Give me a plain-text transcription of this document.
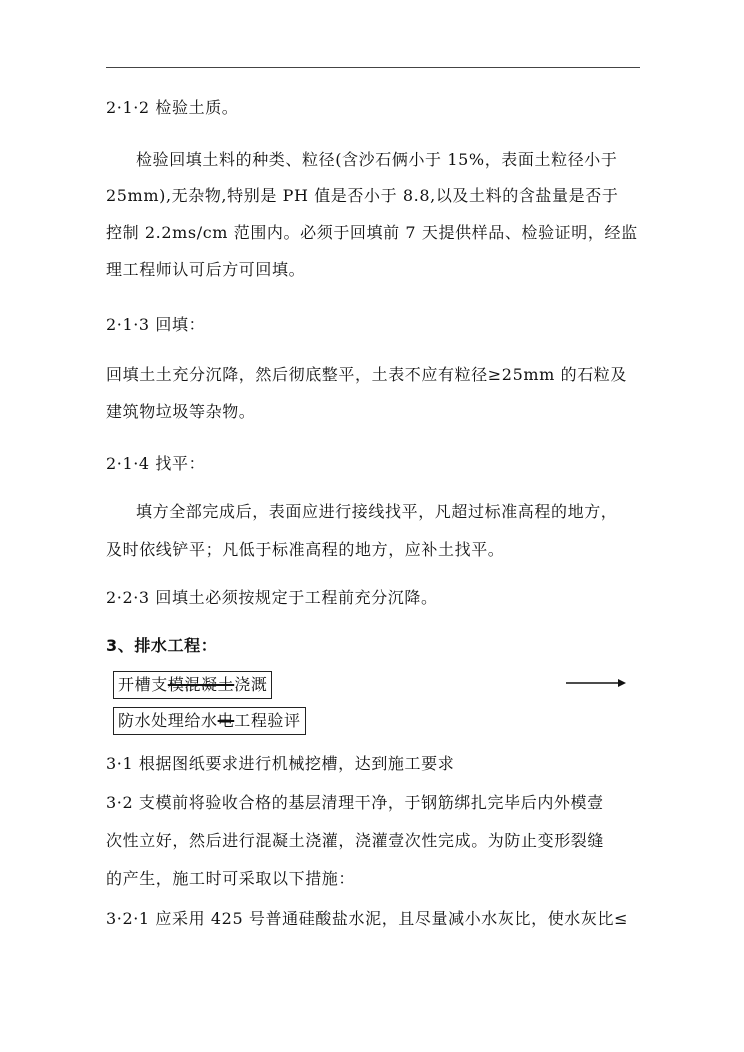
2·1·2 检验土质。
检验回填土料的种类、粒径(含沙石俩小于 15%，表面土粒径小于
25mm),无杂物,特别是 PH 值是否小于 8.8,以及土料的含盐量是否于
控制 2.2ms/cm 范围内。必须于回填前 7 天提供样品、检验证明，经监
理工程师认可后方可回填。
2·1·3 回填：
回填土土充分沉降，然后彻底整平，土表不应有粒径≥25mm 的石粒及
建筑物垃圾等杂物。
2·1·4 找平：
填方全部完成后，表面应进行接线找平，凡超过标准高程的地方，
及时依线铲平；凡低于标准高程的地方，应补土找平。
2·2·3 回填土必须按规定于工程前充分沉降。
3、排水工程：
开槽支模混凝土浇溉
防水处理给水电工程验评
3·1 根据图纸要求进行机械挖槽，达到施工要求
3·2 支模前将验收合格的基层清理干净，于钢筋绑扎完毕后内外模壹
次性立好，然后进行混凝土浇灌，浇灌壹次性完成。为防止变形裂缝
的产生，施工时可采取以下措施：
3·2·1 应采用 425 号普通硅酸盐水泥，且尽量减小水灰比，使水灰比≤
